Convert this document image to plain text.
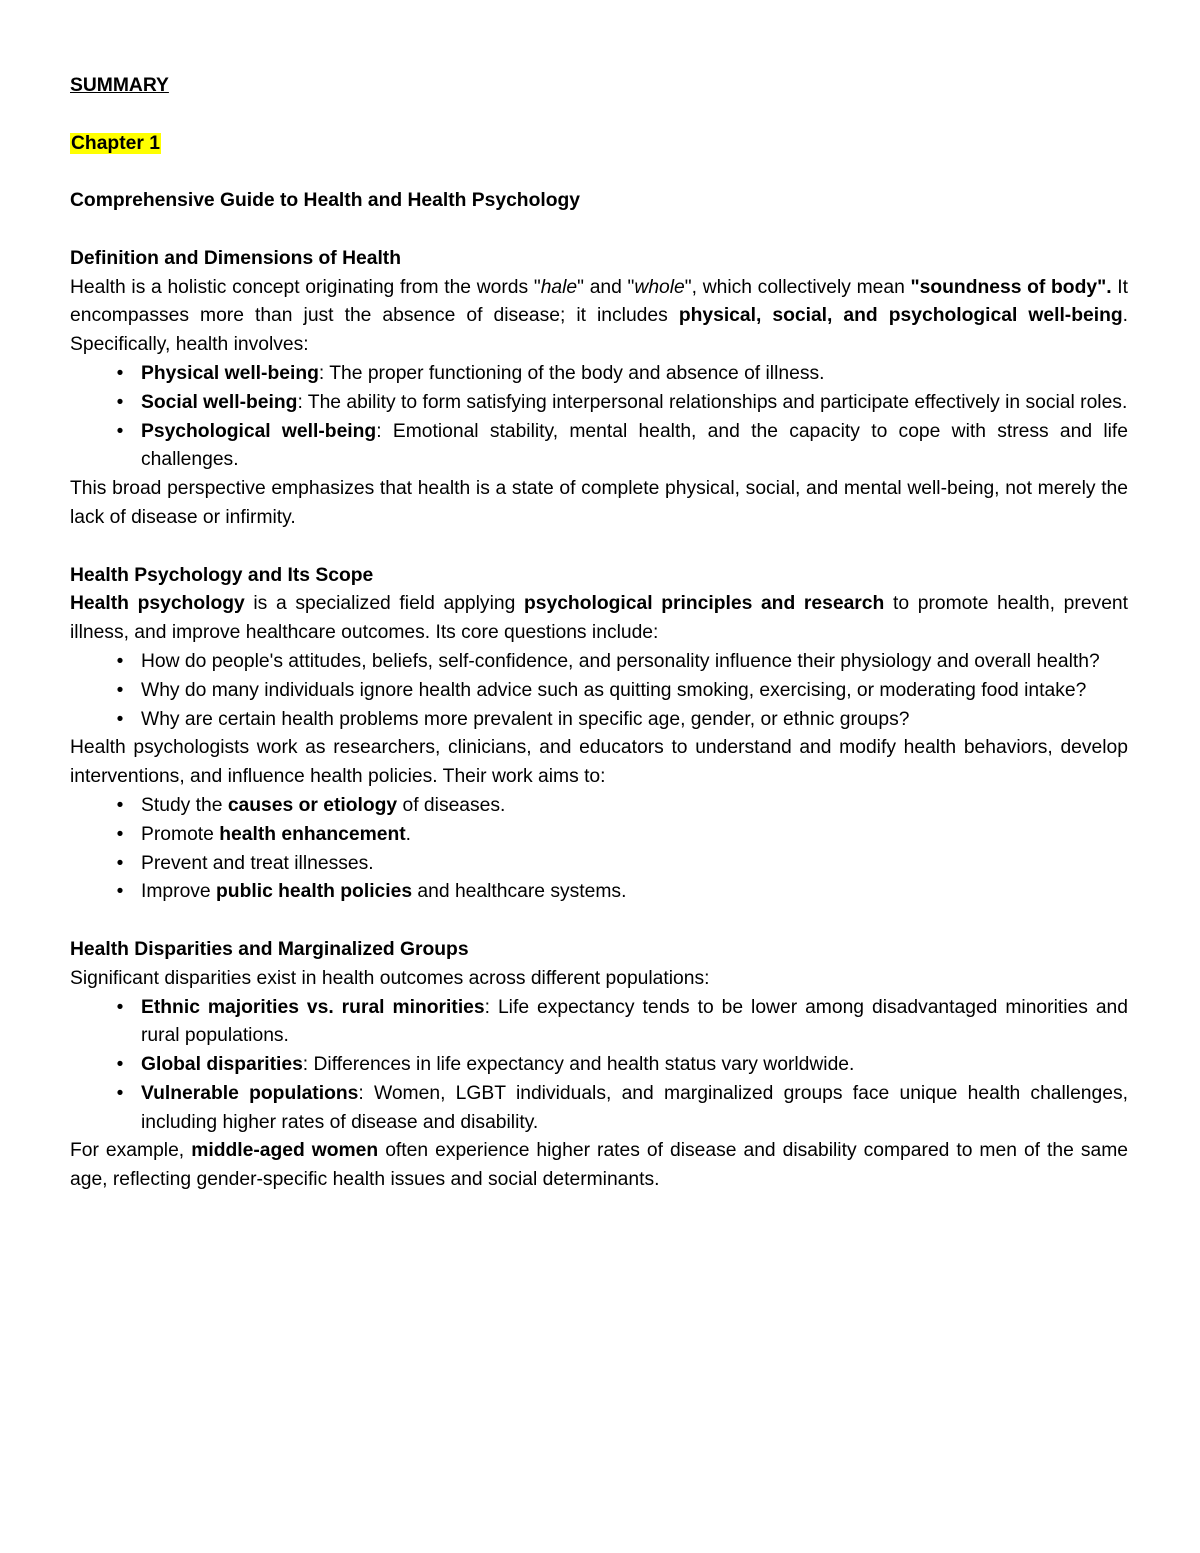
SUMMARY

Chapter 1

Comprehensive Guide to Health and Health Psychology

Definition and Dimensions of Health

Health is a holistic concept originating from the words "hale" and "whole", which collectively mean "soundness of body". It encompasses more than just the absence of disease; it includes physical, social, and psychological well-being. Specifically, health involves:

• Physical well-being: The proper functioning of the body and absence of illness.
• Social well-being: The ability to form satisfying interpersonal relationships and participate effectively in social roles.
• Psychological well-being: Emotional stability, mental health, and the capacity to cope with stress and life challenges.

This broad perspective emphasizes that health is a state of complete physical, social, and mental well-being, not merely the lack of disease or infirmity.

Health Psychology and Its Scope

Health psychology is a specialized field applying psychological principles and research to promote health, prevent illness, and improve healthcare outcomes. Its core questions include:

• How do people's attitudes, beliefs, self-confidence, and personality influence their physiology and overall health?
• Why do many individuals ignore health advice such as quitting smoking, exercising, or moderating food intake?
• Why are certain health problems more prevalent in specific age, gender, or ethnic groups?

Health psychologists work as researchers, clinicians, and educators to understand and modify health behaviors, develop interventions, and influence health policies. Their work aims to:

• Study the causes or etiology of diseases.
• Promote health enhancement.
• Prevent and treat illnesses.
• Improve public health policies and healthcare systems.

Health Disparities and Marginalized Groups

Significant disparities exist in health outcomes across different populations:

• Ethnic majorities vs. rural minorities: Life expectancy tends to be lower among disadvantaged minorities and rural populations.
• Global disparities: Differences in life expectancy and health status vary worldwide.
• Vulnerable populations: Women, LGBT individuals, and marginalized groups face unique health challenges, including higher rates of disease and disability.

For example, middle-aged women often experience higher rates of disease and disability compared to men of the same age, reflecting gender-specific health issues and social determinants.
